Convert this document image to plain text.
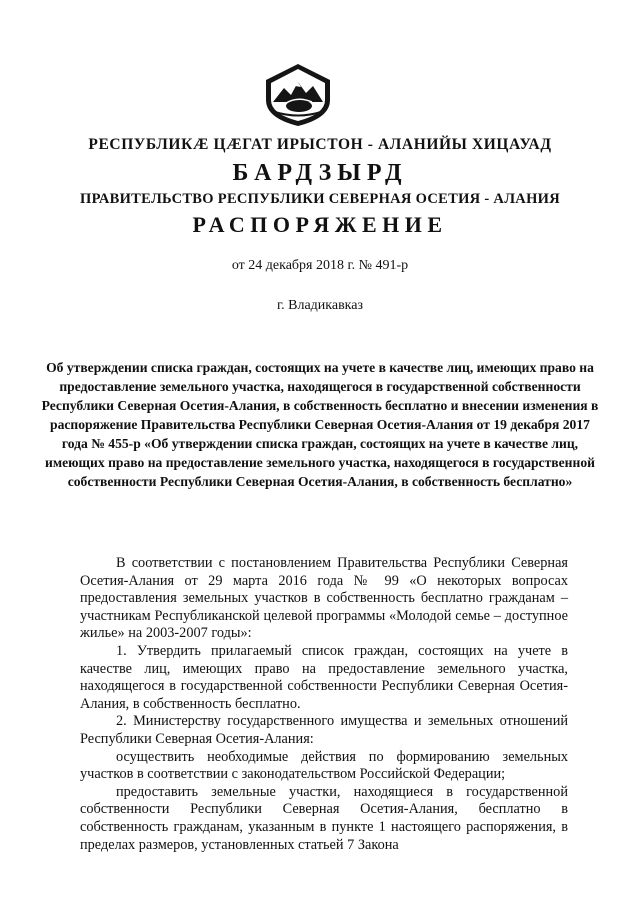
РЕСПУБЛИКӔ ЦӔГАТ ИРЫСТОН - АЛАНИЙЫ ХИЦАУАД
БАРДЗЫРД
ПРАВИТЕЛЬСТВО РЕСПУБЛИКИ СЕВЕРНАЯ ОСЕТИЯ - АЛАНИЯ
РАСПОРЯЖЕНИЕ
от 24 декабря 2018 г. № 491-р
г. Владикавказ
Об утверждении списка граждан, состоящих на учете в качестве лиц, имеющих право на предоставление земельного участка, находящегося в государственной собственности Республики Северная Осетия-Алания, в собственность бесплатно и внесении изменения в распоряжение Правительства Республики Северная Осетия-Алания от 19 декабря 2017 года № 455-р «Об утверждении списка граждан, состоящих на учете в качестве лиц, имеющих право на предоставление земельного участка, находящегося в государственной собственности Республики Северная Осетия-Алания, в собственность бесплатно»

В соответствии с постановлением Правительства Республики Северная Осетия-Алания от 29 марта 2016 года № 99 «О некоторых вопросах предоставления земельных участков в собственность бесплатно гражданам – участникам Республиканской целевой программы «Молодой семье – доступное жилье» на 2003-2007 годы»:

1. Утвердить прилагаемый список граждан, состоящих на учете в качестве лиц, имеющих право на предоставление земельного участка, находящегося в государственной собственности Республики Северная Осетия-Алания, в собственность бесплатно.

2. Министерству государственного имущества и земельных отношений Республики Северная Осетия-Алания:

осуществить необходимые действия по формированию земельных участков в соответствии с законодательством Российской Федерации;

предоставить земельные участки, находящиеся в государственной собственности Республики Северная Осетия-Алания, бесплатно в собственность гражданам, указанным в пункте 1 настоящего распоряжения, в пределах размеров, установленных статьей 7 Закона
